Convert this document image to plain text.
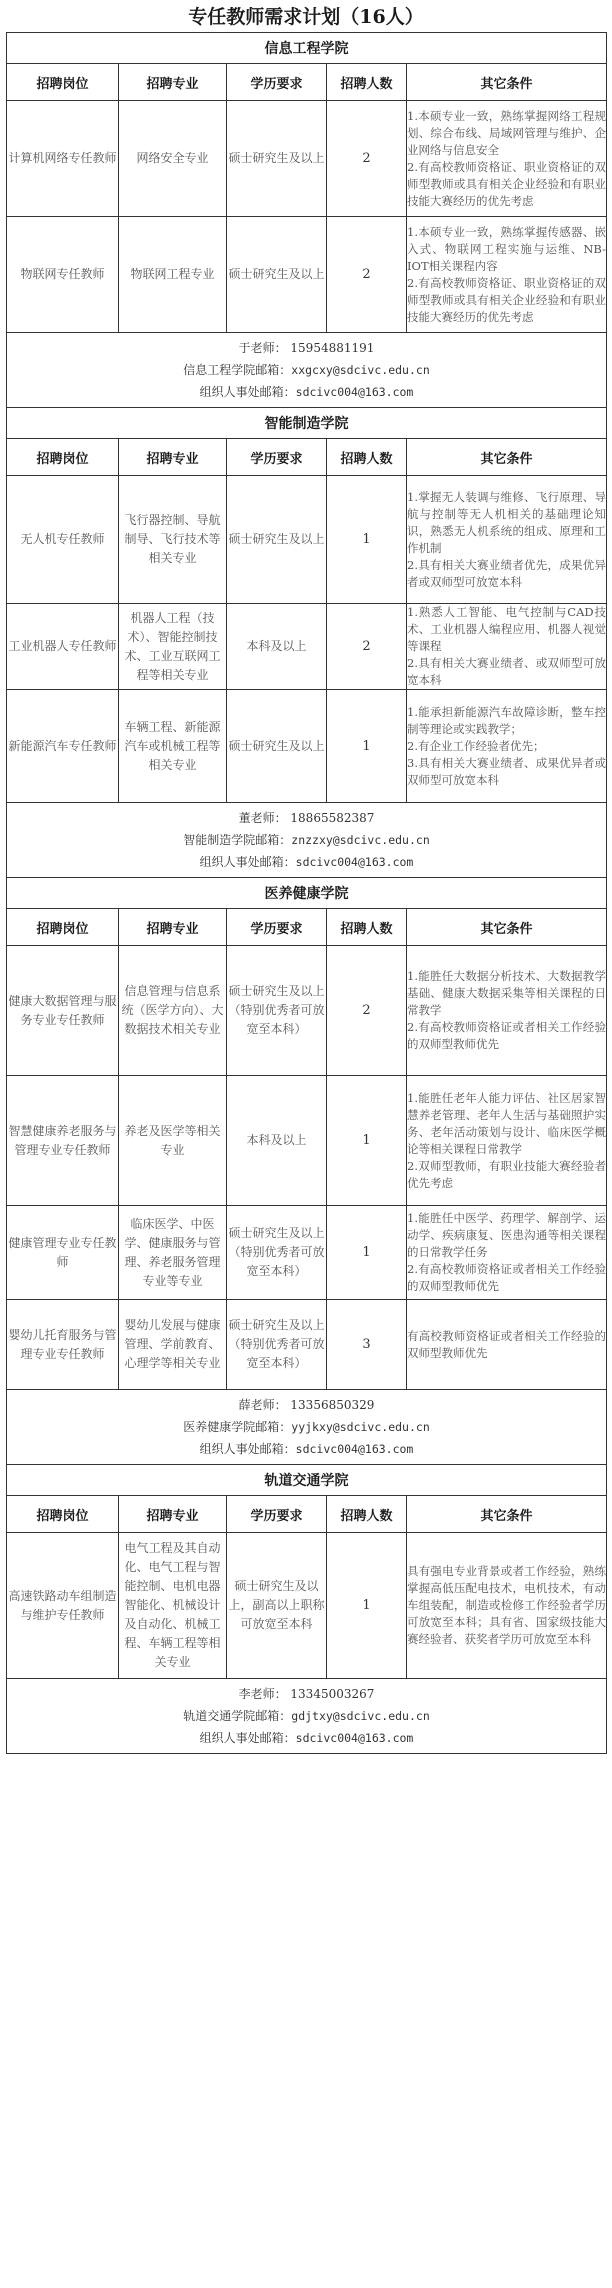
专任教师需求计划（16人）
信息工程学院				
招聘岗位	招聘专业	学历要求	招聘人数	其它条件
计算机网络专任教师	网络安全专业	硕士研究生及以上	2	1.本硕专业一致，熟练掌握网络工程规划、综合布线、局域网管理与维护、企业网络与信息安全
2.有高校教师资格证、职业资格证的双师型教师或具有相关企业经验和有职业技能大赛经历的优先考虑
物联网专任教师	物联网工程专业	硕士研究生及以上	2	1.本硕专业一致，熟练掌握传感器、嵌入式、物联网工程实施与运维、NB-IOT相关课程内容
2.有高校教师资格证、职业资格证的双师型教师或具有相关企业经验和有职业技能大赛经历的优先考虑

于老师： 15954881191
信息工程学院邮箱：xxgcxy@sdcivc.edu.cn
组织人事处邮箱：sdcivc004@163.com				

智能制造学院				
招聘岗位	招聘专业	学历要求	招聘人数	其它条件
无人机专任教师	飞行器控制、导航制导、飞行技术等相关专业	硕士研究生及以上	1	1.掌握无人装调与维修、飞行原理、导航与控制等无人机相关的基础理论知识，熟悉无人机系统的组成、原理和工作机制
2.具有相关大赛业绩者优先，成果优异者或双师型可放宽本科
工业机器人专任教师	机器人工程（技术）、智能控制技术、工业互联网工程等相关专业	本科及以上	2	1.熟悉人工智能、电气控制与CAD技术、工业机器人编程应用、机器人视觉等课程
2.具有相关大赛业绩者、或双师型可放宽本科
新能源汽车专任教师	车辆工程、新能源汽车或机械工程等相关专业	硕士研究生及以上	1	1.能承担新能源汽车故障诊断，整车控制等理论或实践教学；
2.有企业工作经验者优先；
3.具有相关大赛业绩者、成果优异者或双师型可放宽本科

董老师： 18865582387
智能制造学院邮箱：znzzxy@sdcivc.edu.cn
组织人事处邮箱：sdcivc004@163.com				

医养健康学院				
招聘岗位	招聘专业	学历要求	招聘人数	其它条件
健康大数据管理与服务专业专任教师	信息管理与信息系统（医学方向）、大数据技术相关专业	硕士研究生及以上（特别优秀者可放宽至本科）	2	1.能胜任大数据分析技术、大数据教学基础、健康大数据采集等相关课程的日常教学
2.有高校教师资格证或者相关工作经验的双师型教师优先
智慧健康养老服务与管理专业专任教师	养老及医学等相关专业	本科及以上	1	1.能胜任老年人能力评估、社区居家智慧养老管理、老年人生活与基础照护实务、老年活动策划与设计、临床医学概论等相关课程日常教学
2.双师型教师，有职业技能大赛经验者优先考虑
健康管理专业专任教师	临床医学、中医学、健康服务与管理、养老服务管理专业等专业	硕士研究生及以上（特别优秀者可放宽至本科）	1	1.能胜任中医学、药理学、解剖学、运动学、疾病康复、医患沟通等相关课程的日常教学任务
2.有高校教师资格证或者相关工作经验的双师型教师优先
婴幼儿托育服务与管理专业专任教师	婴幼儿发展与健康管理、学前教育、心理学等相关专业	硕士研究生及以上（特别优秀者可放宽至本科）	3	有高校教师资格证或者相关工作经验的双师型教师优先

薛老师： 13356850329
医养健康学院邮箱：yyjkxy@sdcivc.edu.cn
组织人事处邮箱：sdcivc004@163.com				

轨道交通学院				
招聘岗位	招聘专业	学历要求	招聘人数	其它条件
高速铁路动车组制造与维护专任教师	电气工程及其自动化、电气工程与智能控制、电机电器智能化、机械设计及自动化、机械工程、车辆工程等相关专业	硕士研究生及以上，副高以上职称可放宽至本科	1	具有强电专业背景或者工作经验，熟练掌握高低压配电技术，电机技术，有动车组装配，制造或检修工作经验者学历可放宽至本科；具有省、国家级技能大赛经验者、获奖者学历可放宽至本科

李老师： 13345003267
轨道交通学院邮箱：gdjtxy@sdcivc.edu.cn
组织人事处邮箱：sdcivc004@163.com				
